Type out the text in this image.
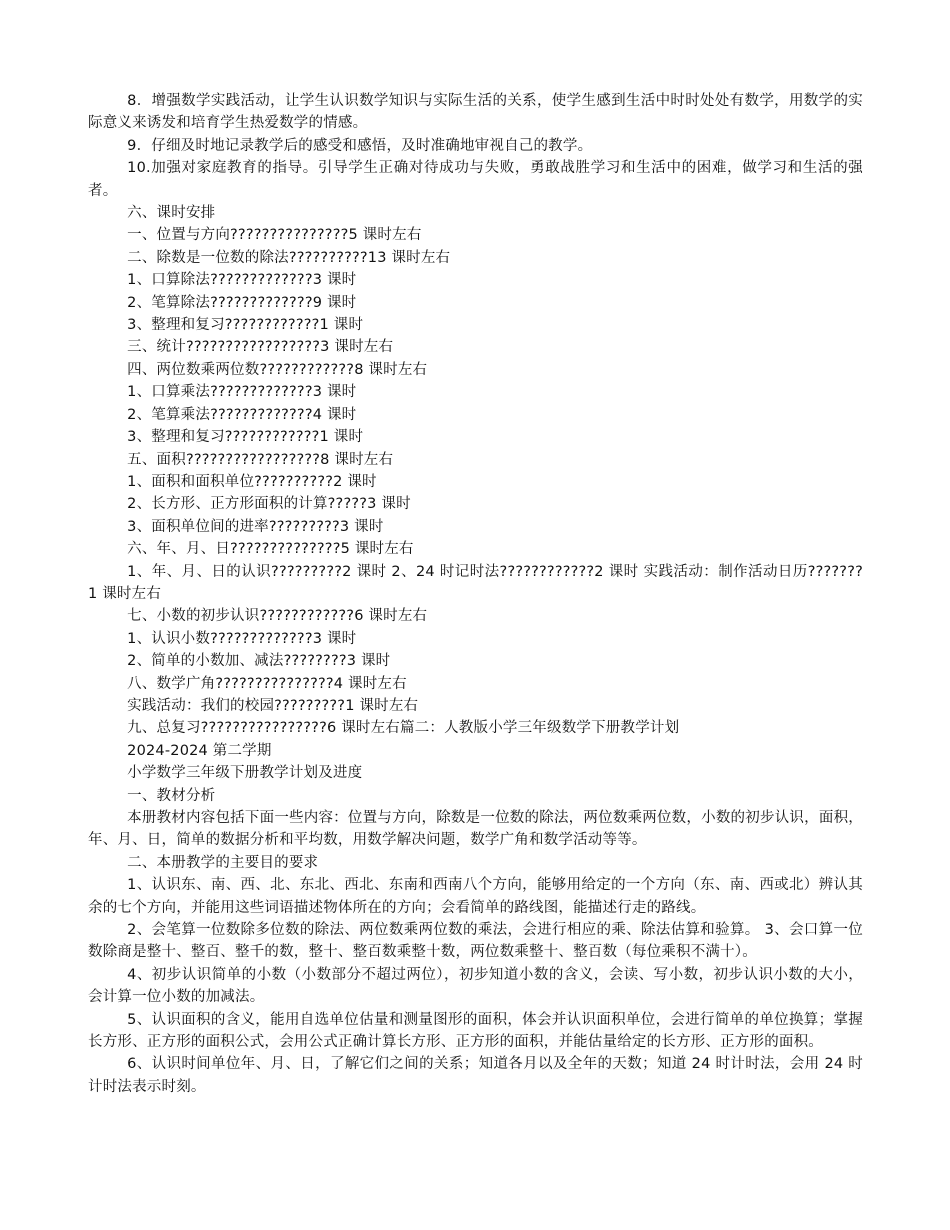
8．增强数学实践活动，让学生认识数学知识与实际生活的关系，使学生感到生活中时时处处有数学，用数学的实际意义来诱发和培育学生热爱数学的情感。

9．仔细及时地记录教学后的感受和感悟，及时准确地审视自己的教学。

10.加强对家庭教育的指导。引导学生正确对待成功与失败，勇敢战胜学习和生活中的困难，做学习和生活的强者。

六、课时安排

一、位置与方向???????????????5 课时左右

二、除数是一位数的除法??????????13 课时左右

1、口算除法?????????????3 课时

2、笔算除法?????????????9 课时

3、整理和复习????????????1 课时

三、统计?????????????????3 课时左右

四、两位数乘两位数????????????8 课时左右

1、口算乘法?????????????3 课时

2、笔算乘法?????????????4 课时

3、整理和复习????????????1 课时

五、面积?????????????????8 课时左右

1、面积和面积单位??????????2 课时

2、长方形、正方形面积的计算?????3 课时

3、面积单位间的进率?????????3 课时

六、年、月、日??????????????5 课时左右

1、年、月、日的认识?????????2 课时 2、24 时记时法????????????2 课时 实践活动：制作活动日历???????1 课时左右

七、小数的初步认识????????????6 课时左右

1、认识小数?????????????3 课时

2、简单的小数加、减法????????3 课时

八、数学广角???????????????4 课时左右

实践活动：我们的校园?????????1 课时左右

九、总复习????????????????6 课时左右篇二：人教版小学三年级数学下册教学计划

2024-2024 第二学期

小学数学三年级下册教学计划及进度

一、教材分析

本册教材内容包括下面一些内容：位置与方向，除数是一位数的除法，两位数乘两位数，小数的初步认识，面积，年、月、日，简单的数据分析和平均数，用数学解决问题，数学广角和数学活动等等。

二、本册教学的主要目的要求

1、认识东、南、西、北、东北、西北、东南和西南八个方向，能够用给定的一个方向（东、南、西或北）辨认其余的七个方向，并能用这些词语描述物体所在的方向；会看简单的路线图，能描述行走的路线。

2、会笔算一位数除多位数的除法、两位数乘两位数的乘法，会进行相应的乘、除法估算和验算。 3、会口算一位数除商是整十、整百、整千的数，整十、整百数乘整十数，两位数乘整十、整百数（每位乘积不满十）。

4、初步认识简单的小数（小数部分不超过两位），初步知道小数的含义，会读、写小数，初步认识小数的大小，会计算一位小数的加减法。

5、认识面积的含义，能用自选单位估量和测量图形的面积，体会并认识面积单位，会进行简单的单位换算；掌握长方形、正方形的面积公式，会用公式正确计算长方形、正方形的面积，并能估量给定的长方形、正方形的面积。

6、认识时间单位年、月、日，了解它们之间的关系；知道各月以及全年的天数；知道 24 时计时法，会用 24 时计时法表示时刻。
